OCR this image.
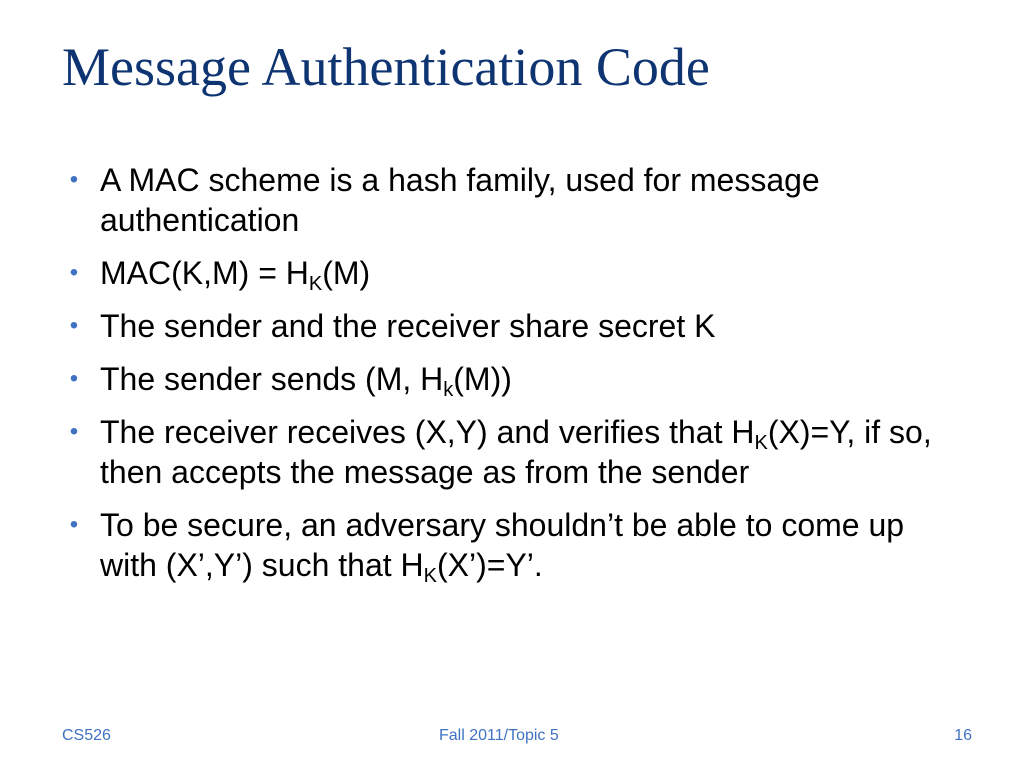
Message Authentication Code
• A MAC scheme is a hash family, used for message authentication
• $MAC(K,M) = H_K(M)$
• The sender and the receiver share secret K
• The sender sends (M, $H_k(M)$)
• The receiver receives (X,Y) and verifies that $H_K(X)=Y$, if so, then accepts the message as from the sender
• To be secure, an adversary shouldn’t be able to come up with (X’,Y’) such that $H_K(X’)=Y$’.
CS526	Fall 2011/Topic 5	16
